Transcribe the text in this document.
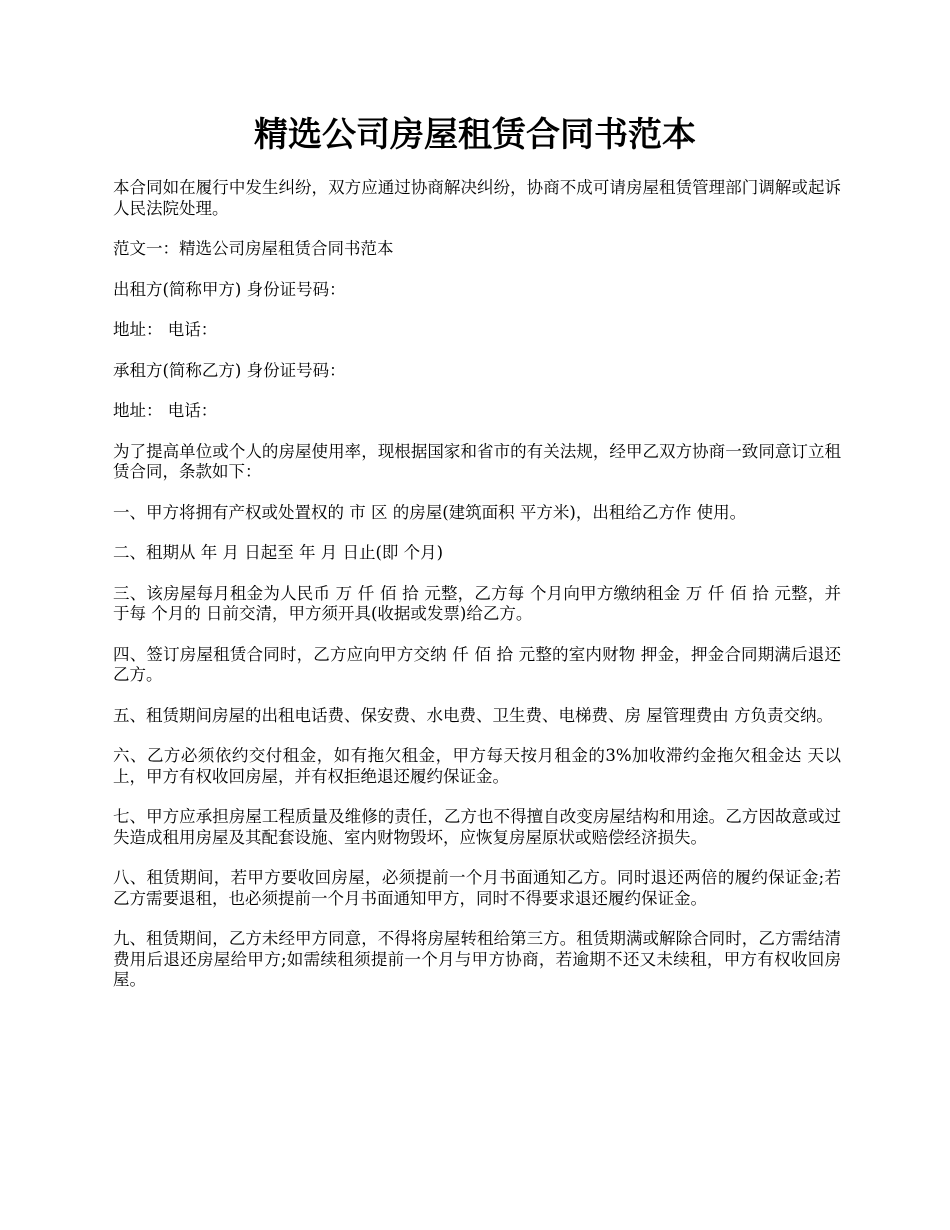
精选公司房屋租赁合同书范本

本合同如在履行中发生纠纷，双方应通过协商解决纠纷，协商不成可请房屋租赁管理部门调解或起诉人民法院处理。

范文一：精选公司房屋租赁合同书范本

出租方(简称甲方) 身份证号码：

地址： 电话：

承租方(简称乙方) 身份证号码：

地址： 电话：

为了提高单位或个人的房屋使用率，现根据国家和省市的有关法规，经甲乙双方协商一致同意订立租赁合同，条款如下：

一、甲方将拥有产权或处置权的 市 区 的房屋(建筑面积 平方米)，出租给乙方作 使用。

二、租期从 年 月 日起至 年 月 日止(即 个月)

三、该房屋每月租金为人民币 万 仟 佰 拾 元整，乙方每 个月向甲方缴纳租金 万 仟 佰 拾 元整，并于每 个月的 日前交清，甲方须开具(收据或发票)给乙方。

四、签订房屋租赁合同时，乙方应向甲方交纳 仟 佰 拾 元整的室内财物 押金，押金合同期满后退还乙方。

五、租赁期间房屋的出租电话费、保安费、水电费、卫生费、电梯费、房 屋管理费由 方负责交纳。

六、乙方必须依约交付租金，如有拖欠租金，甲方每天按月租金的3%加收滞约金拖欠租金达 天以上，甲方有权收回房屋，并有权拒绝退还履约保证金。

七、甲方应承担房屋工程质量及维修的责任，乙方也不得擅自改变房屋结构和用途。乙方因故意或过失造成租用房屋及其配套设施、室内财物毁坏，应恢复房屋原状或赔偿经济损失。

八、租赁期间，若甲方要收回房屋，必须提前一个月书面通知乙方。同时退还两倍的履约保证金;若乙方需要退租，也必须提前一个月书面通知甲方，同时不得要求退还履约保证金。

九、租赁期间，乙方未经甲方同意，不得将房屋转租给第三方。租赁期满或解除合同时，乙方需结清费用后退还房屋给甲方;如需续租须提前一个月与甲方协商，若逾期不还又未续租，甲方有权收回房屋。
